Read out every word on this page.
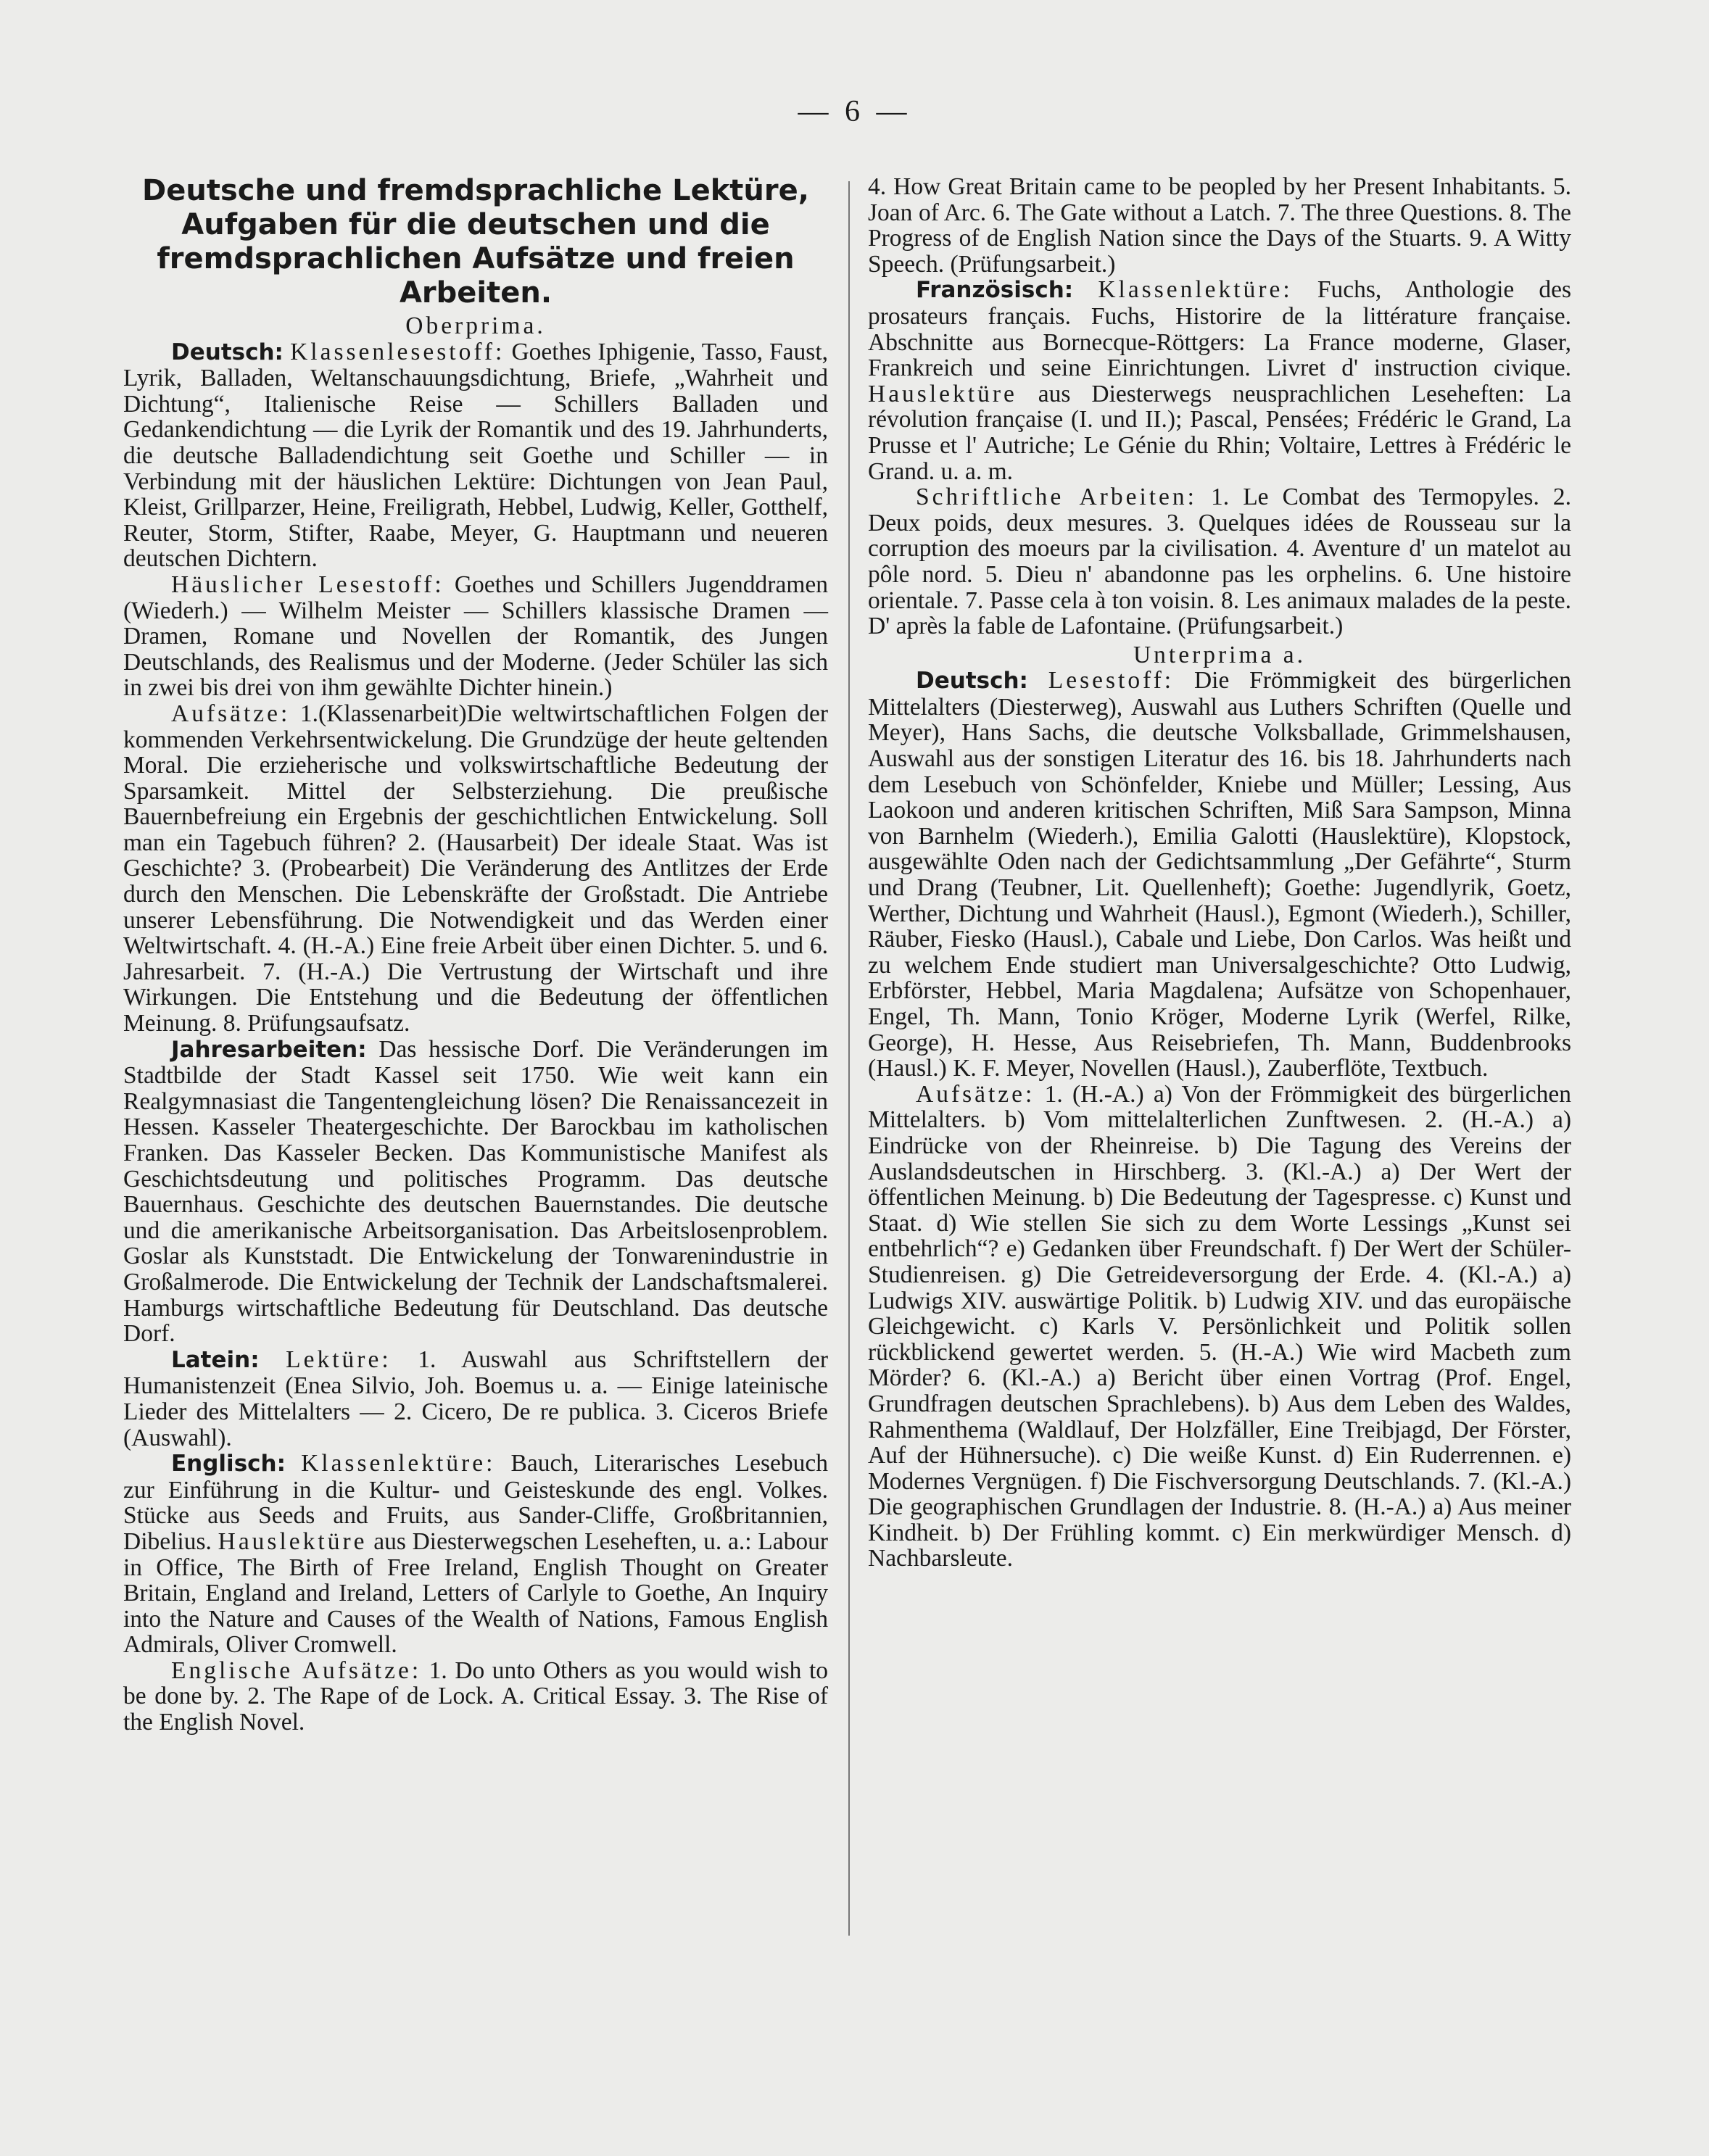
— 6 —
Deutsche und fremdsprachliche Lektüre, Aufgaben für die deutschen und die fremdsprachlichen Aufsätze und freien Arbeiten.
Oberprima.

Deutsch: Klassenlesestoff: Goethes Iphigenie, Tasso, Faust, Lyrik, Balladen, Weltanschauungsdichtung, Briefe, „Wahrheit und Dichtung“, Italienische Reise — Schillers Balladen und Gedankendichtung — die Lyrik der Romantik und des 19. Jahrhunderts, die deutsche Balladendichtung seit Goethe und Schiller — in Verbindung mit der häuslichen Lektüre: Dichtungen von Jean Paul, Kleist, Grillparzer, Heine, Freiligrath, Hebbel, Ludwig, Keller, Gotthelf, Reuter, Storm, Stifter, Raabe, Meyer, G. Hauptmann und neueren deutschen Dichtern.

Häuslicher Lesestoff: Goethes und Schillers Jugenddramen (Wiederh.) — Wilhelm Meister — Schillers klassische Dramen — Dramen, Romane und Novellen der Romantik, des Jungen Deutschlands, des Realismus und der Moderne. (Jeder Schüler las sich in zwei bis drei von ihm gewählte Dichter hinein.)

Aufsätze: 1.(Klassenarbeit)Die weltwirtschaftlichen Folgen der kommenden Verkehrsentwickelung. Die Grundzüge der heute geltenden Moral. Die erzieherische und volkswirtschaftliche Bedeutung der Sparsamkeit. Mittel der Selbsterziehung. Die preußische Bauernbefreiung ein Ergebnis der geschichtlichen Entwickelung. Soll man ein Tagebuch führen? 2. (Hausarbeit) Der ideale Staat. Was ist Geschichte? 3. (Probearbeit) Die Veränderung des Antlitzes der Erde durch den Menschen. Die Lebenskräfte der Großstadt. Die Antriebe unserer Lebensführung. Die Notwendigkeit und das Werden einer Weltwirtschaft. 4. (H.-A.) Eine freie Arbeit über einen Dichter. 5. und 6. Jahresarbeit. 7. (H.-A.) Die Vertrustung der Wirtschaft und ihre Wirkungen. Die Entstehung und die Bedeutung der öffentlichen Meinung. 8. Prüfungsaufsatz.

Jahresarbeiten: Das hessische Dorf. Die Veränderungen im Stadtbilde der Stadt Kassel seit 1750. Wie weit kann ein Realgymnasiast die Tangentengleichung lösen? Die Renaissancezeit in Hessen. Kasseler Theatergeschichte. Der Barockbau im katholischen Franken. Das Kasseler Becken. Das Kommunistische Manifest als Geschichtsdeutung und politisches Programm. Das deutsche Bauernhaus. Geschichte des deutschen Bauernstandes. Die deutsche und die amerikanische Arbeitsorganisation. Das Arbeitslosenproblem. Goslar als Kunststadt. Die Entwickelung der Tonwarenindustrie in Großalmerode. Die Entwickelung der Technik der Landschaftsmalerei. Hamburgs wirtschaftliche Bedeutung für Deutschland. Das deutsche Dorf.

Latein: Lektüre: 1. Auswahl aus Schriftstellern der Humanistenzeit (Enea Silvio, Joh. Boemus u. a. — Einige lateinische Lieder des Mittelalters — 2. Cicero, De re publica. 3. Ciceros Briefe (Auswahl).

Englisch: Klassenlektüre: Bauch, Literarisches Lesebuch zur Einführung in die Kultur- und Geisteskunde des engl. Volkes. Stücke aus Seeds and Fruits, aus Sander-Cliffe, Großbritannien, Dibelius. Hauslektüre aus Diesterwegschen Leseheften, u. a.: Labour in Office, The Birth of Free Ireland, English Thought on Greater Britain, England and Ireland, Letters of Carlyle to Goethe, An Inquiry into the Nature and Causes of the Wealth of Nations, Famous English Admirals, Oliver Cromwell.

Englische Aufsätze: 1. Do unto Others as you would wish to be done by. 2. The Rape of de Lock. A. Critical Essay. 3. The Rise of the English Novel.

4. How Great Britain came to be peopled by her Present Inhabitants. 5. Joan of Arc. 6. The Gate without a Latch. 7. The three Questions. 8. The Progress of de English Nation since the Days of the Stuarts. 9. A Witty Speech. (Prüfungsarbeit.)

Französisch: Klassenlektüre: Fuchs, Anthologie des prosateurs français. Fuchs, Historire de la littérature française. Abschnitte aus Bornecque-Röttgers: La France moderne, Glaser, Frankreich und seine Einrichtungen. Livret d' instruction civique. Hauslektüre aus Diesterwegs neusprachlichen Leseheften: La révolution française (I. und II.); Pascal, Pensées; Frédéric le Grand, La Prusse et l' Autriche; Le Génie du Rhin; Voltaire, Lettres à Frédéric le Grand. u. a. m.

Schriftliche Arbeiten: 1. Le Combat des Termopyles. 2. Deux poids, deux mesures. 3. Quelques idées de Rousseau sur la corruption des moeurs par la civilisation. 4. Aventure d' un matelot au pôle nord. 5. Dieu n' abandonne pas les orphelins. 6. Une histoire orientale. 7. Passe cela à ton voisin. 8. Les animaux malades de la peste. D' après la fable de Lafontaine. (Prüfungsarbeit.)

Unterprima a.

Deutsch: Lesestoff: Die Frömmigkeit des bürgerlichen Mittelalters (Diesterweg), Auswahl aus Luthers Schriften (Quelle und Meyer), Hans Sachs, die deutsche Volksballade, Grimmelshausen, Auswahl aus der sonstigen Literatur des 16. bis 18. Jahrhunderts nach dem Lesebuch von Schönfelder, Kniebe und Müller; Lessing, Aus Laokoon und anderen kritischen Schriften, Miß Sara Sampson, Minna von Barnhelm (Wiederh.), Emilia Galotti (Hauslektüre), Klopstock, ausgewählte Oden nach der Gedichtsammlung „Der Gefährte“, Sturm und Drang (Teubner, Lit. Quellenheft); Goethe: Jugendlyrik, Goetz, Werther, Dichtung und Wahrheit (Hausl.), Egmont (Wiederh.), Schiller, Räuber, Fiesko (Hausl.), Cabale und Liebe, Don Carlos. Was heißt und zu welchem Ende studiert man Universalgeschichte? Otto Ludwig, Erbförster, Hebbel, Maria Magdalena; Aufsätze von Schopenhauer, Engel, Th. Mann, Tonio Kröger, Moderne Lyrik (Werfel, Rilke, George), H. Hesse, Aus Reisebriefen, Th. Mann, Buddenbrooks (Hausl.) K. F. Meyer, Novellen (Hausl.), Zauberflöte, Textbuch.

Aufsätze: 1. (H.-A.) a) Von der Frömmigkeit des bürgerlichen Mittelalters. b) Vom mittelalterlichen Zunftwesen. 2. (H.-A.) a) Eindrücke von der Rheinreise. b) Die Tagung des Vereins der Auslandsdeutschen in Hirschberg. 3. (Kl.-A.) a) Der Wert der öffentlichen Meinung. b) Die Bedeutung der Tagespresse. c) Kunst und Staat. d) Wie stellen Sie sich zu dem Worte Lessings „Kunst sei entbehrlich“? e) Gedanken über Freundschaft. f) Der Wert der Schüler-Studienreisen. g) Die Getreideversorgung der Erde. 4. (Kl.-A.) a) Ludwigs XIV. auswärtige Politik. b) Ludwig XIV. und das europäische Gleichgewicht. c) Karls V. Persönlichkeit und Politik sollen rückblickend gewertet werden. 5. (H.-A.) Wie wird Macbeth zum Mörder? 6. (Kl.-A.) a) Bericht über einen Vortrag (Prof. Engel, Grundfragen deutschen Sprachlebens). b) Aus dem Leben des Waldes, Rahmenthema (Waldlauf, Der Holzfäller, Eine Treibjagd, Der Förster, Auf der Hühnersuche). c) Die weiße Kunst. d) Ein Ruderrennen. e) Modernes Vergnügen. f) Die Fischversorgung Deutschlands. 7. (Kl.-A.) Die geographischen Grundlagen der Industrie. 8. (H.-A.) a) Aus meiner Kindheit. b) Der Frühling kommt. c) Ein merkwürdiger Mensch. d) Nachbarsleute.
